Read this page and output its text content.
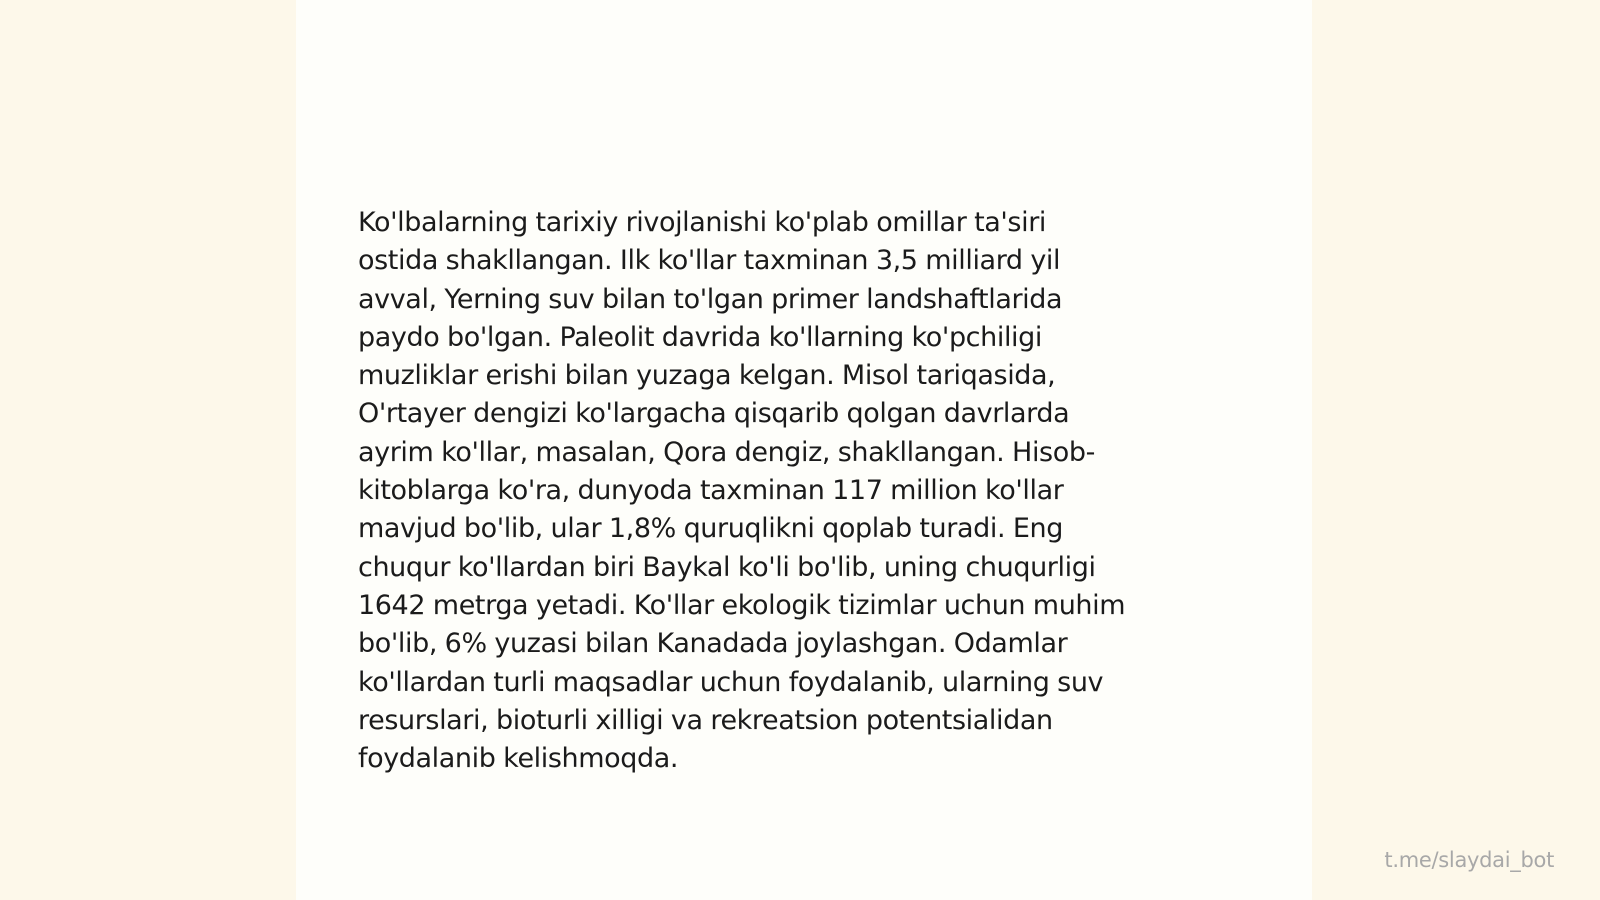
Ko'lbalarning tarixiy rivojlanishi ko'plab omillar ta'siri
ostida shakllangan. Ilk ko'llar taxminan 3,5 milliard yil
avval, Yerning suv bilan to'lgan primer landshaftlarida
paydo bo'lgan. Paleolit davrida ko'llarning ko'pchiligi
muzliklar erishi bilan yuzaga kelgan. Misol tariqasida,
O'rtayer dengizi ko'largacha qisqarib qolgan davrlarda
ayrim ko'llar, masalan, Qora dengiz, shakllangan. Hisob-
kitoblarga ko'ra, dunyoda taxminan 117 million ko'llar
mavjud bo'lib, ular 1,8% quruqlikni qoplab turadi. Eng
chuqur ko'llardan biri Baykal ko'li bo'lib, uning chuqurligi
1642 metrga yetadi. Ko'llar ekologik tizimlar uchun muhim
bo'lib, 6% yuzasi bilan Kanadada joylashgan. Odamlar
ko'llardan turli maqsadlar uchun foydalanib, ularning suv
resurslari, bioturli xilligi va rekreatsion potentsialidan
foydalanib kelishmoqda.

t.me/slaydai_bot
